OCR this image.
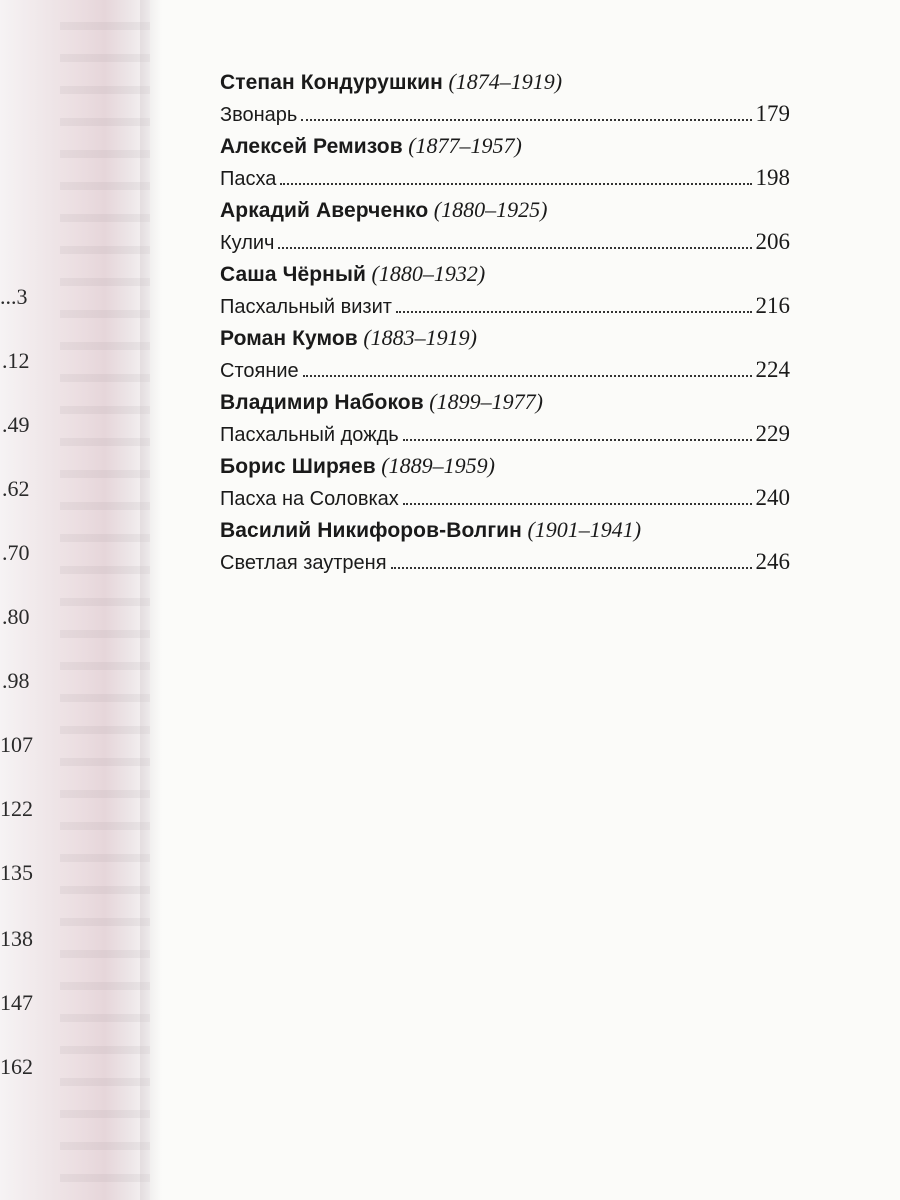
...3
.12
.49
.62
.70
.80
.98
107
122
135
138
147
162
Степан Кондурушкин (1874–1919)
Звонарь	179
Алексей Ремизов (1877–1957)
Пасха	198
Аркадий Аверченко (1880–1925)
Кулич	206
Саша Чёрный (1880–1932)
Пасхальный визит	216
Роман Кумов (1883–1919)
Стояние	224
Владимир Набоков (1899–1977)
Пасхальный дождь	229
Борис Ширяев (1889–1959)
Пасха на Соловках	240
Василий Никифоров-Волгин (1901–1941)
Светлая заутреня	246
